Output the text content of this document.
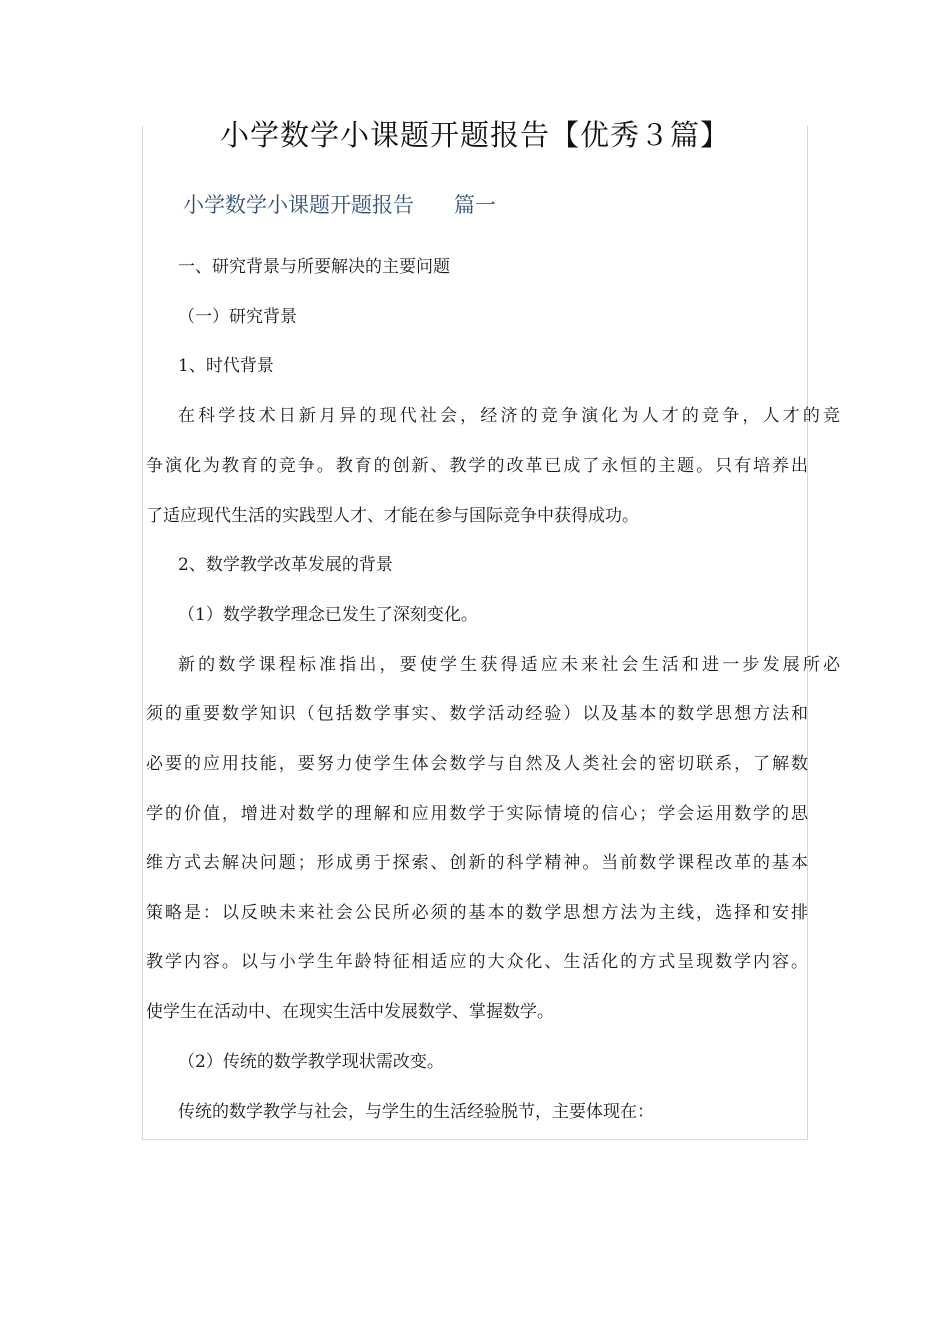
小学数学小课题开题报告【优秀３篇】
小学数学小课题开题报告 篇一
一、研究背景与所要解决的主要问题
（一）研究背景
1、时代背景
在科学技术日新月异的现代社会，经济的竞争演化为人才的竞争，人才的竞
争演化为教育的竞争。教育的创新、教学的改革已成了永恒的主题。只有培养出
了适应现代生活的实践型人才、才能在参与国际竞争中获得成功。
2、数学教学改革发展的背景
（1）数学教学理念已发生了深刻变化。
新的数学课程标准指出，要使学生获得适应未来社会生活和进一步发展所必
须的重要数学知识（包括数学事实、数学活动经验）以及基本的数学思想方法和
必要的应用技能，要努力使学生体会数学与自然及人类社会的密切联系，了解数
学的价值，增进对数学的理解和应用数学于实际情境的信心；学会运用数学的思
维方式去解决问题；形成勇于探索、创新的科学精神。当前数学课程改革的基本
策略是：以反映未来社会公民所必须的基本的数学思想方法为主线，选择和安排
教学内容。以与小学生年龄特征相适应的大众化、生活化的方式呈现数学内容。
使学生在活动中、在现实生活中发展数学、掌握数学。
（2）传统的数学教学现状需改变。
传统的数学教学与社会，与学生的生活经验脱节，主要体现在：
